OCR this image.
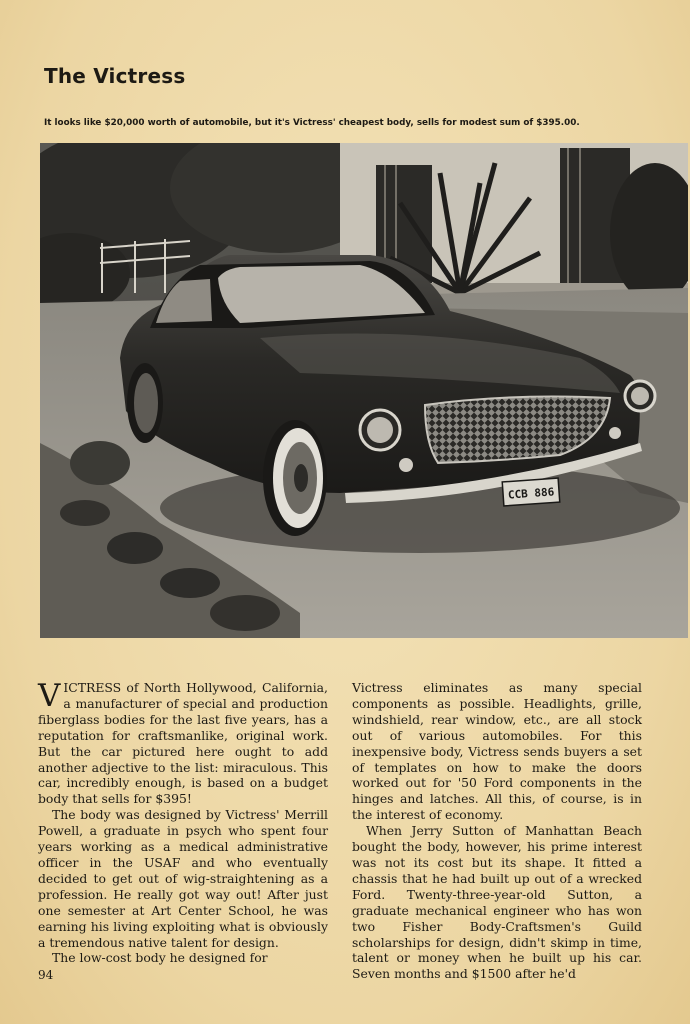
The Victress
It looks like $20,000 worth of automobile, but it's Victress' cheapest body, sells for modest sum of $395.00.
CCB 886

VICTRESS of North Hollywood, California, a manufacturer of special and production fiberglass bodies for the last five years, has a reputation for craftsmanlike, original work. But the car pictured here ought to add another adjective to the list: miraculous. This car, incredibly enough, is based on a budget body that sells for $395!

The body was designed by Victress' Merrill Powell, a graduate in psych who spent four years working as a medical administrative officer in the USAF and who eventually decided to get out of wig-straightening as a profession. He really got way out! After just one semester at Art Center School, he was earning his living exploiting what is obviously a tremendous native talent for design.

The low-cost body he designed for

Victress eliminates as many special components as possible. Headlights, grille, windshield, rear window, etc., are all stock out of various automobiles. For this inexpensive body, Victress sends buyers a set of templates on how to make the doors worked out for '50 Ford components in the hinges and latches. All this, of course, is in the interest of economy.

When Jerry Sutton of Manhattan Beach bought the body, however, his prime interest was not its cost but its shape. It fitted a chassis that he had built up out of a wrecked Ford. Twenty-three-year-old Sutton, a graduate mechanical engineer who has won two Fisher Body-Craftsmen's Guild scholarships for design, didn't skimp in time, talent or money when he built up his car. Seven months and $1500 after he'd

94
